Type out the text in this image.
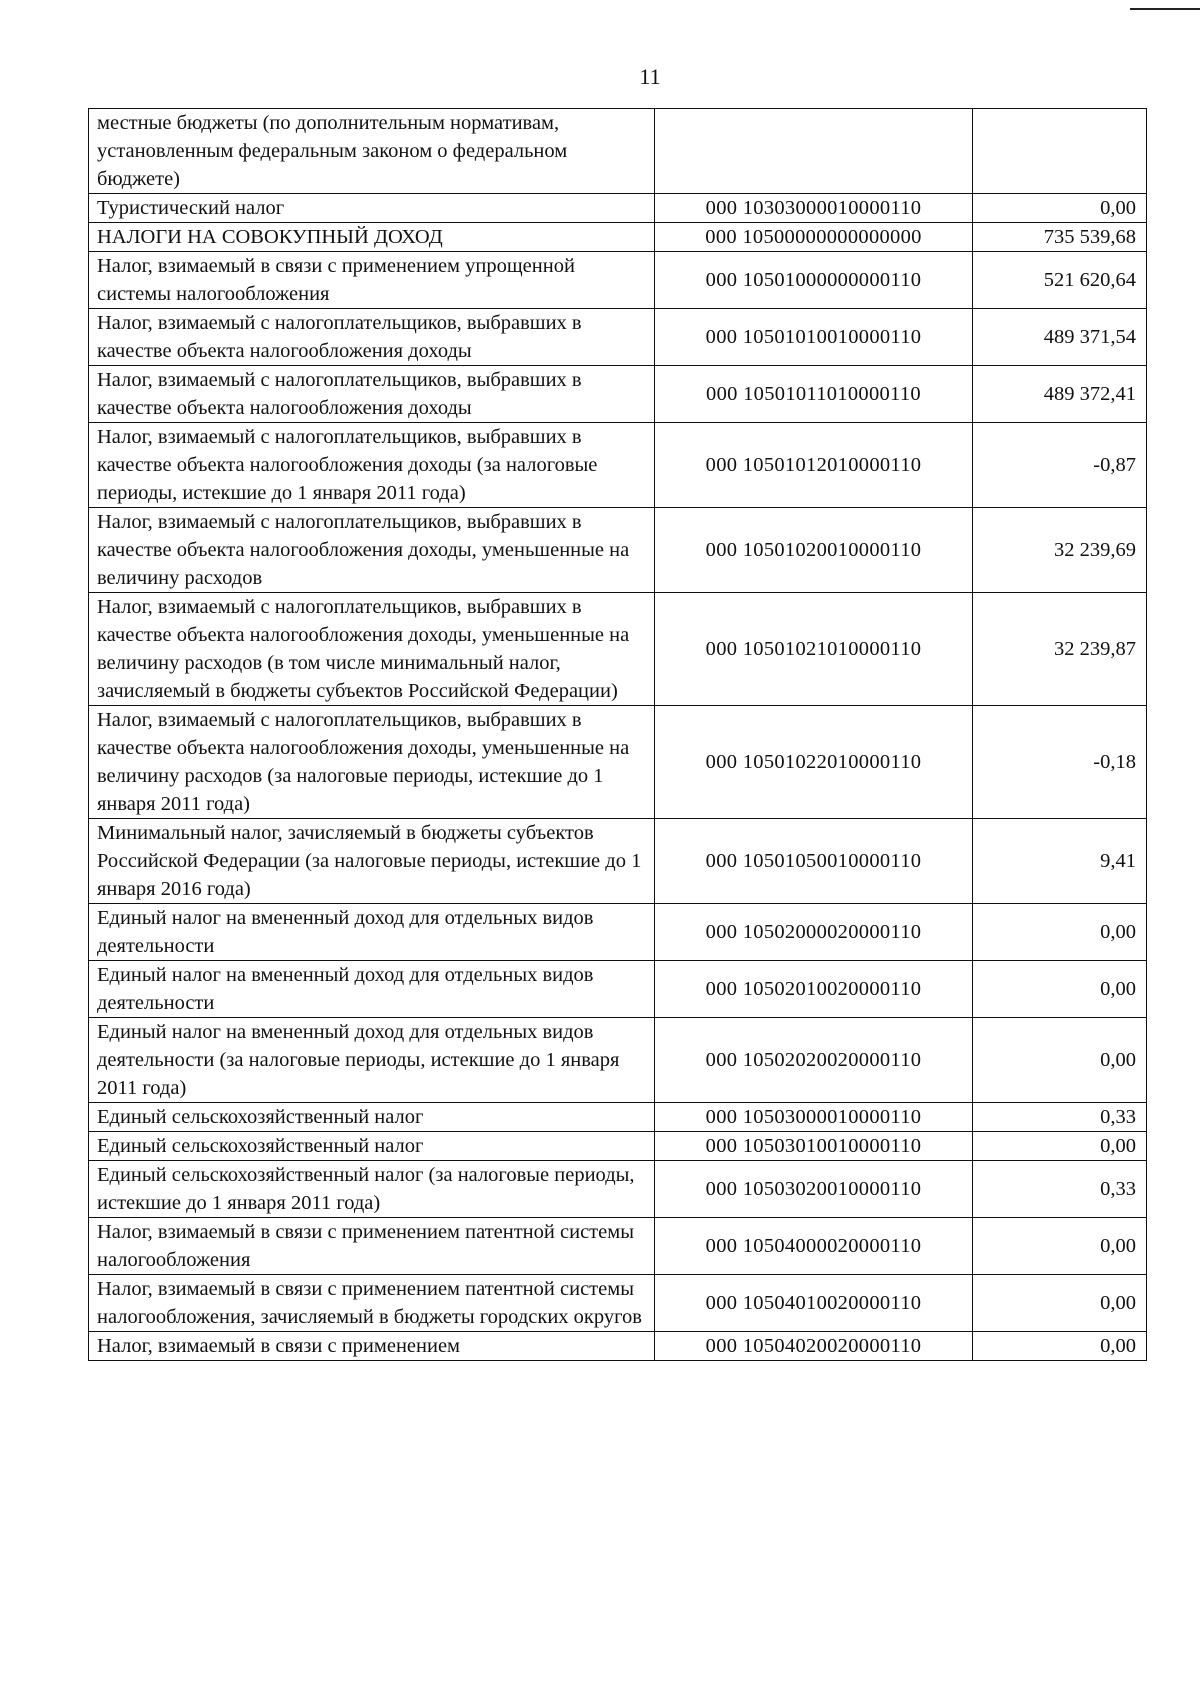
11
местные бюджеты (по дополнительным нормативам, установленным федеральным законом о федеральном бюджете)		
Туристический налог	000 10303000010000110	0,00
НАЛОГИ НА СОВОКУПНЫЙ ДОХОД	000 10500000000000000	735 539,68
Налог, взимаемый в связи с применением упрощенной системы налогообложения	000 10501000000000110	521 620,64
Налог, взимаемый с налогоплательщиков, выбравших в качестве объекта налогообложения доходы	000 10501010010000110	489 371,54
Налог, взимаемый с налогоплательщиков, выбравших в качестве объекта налогообложения доходы	000 10501011010000110	489 372,41
Налог, взимаемый с налогоплательщиков, выбравших в качестве объекта налогообложения доходы (за налоговые периоды, истекшие до 1 января 2011 года)	000 10501012010000110	-0,87
Налог, взимаемый с налогоплательщиков, выбравших в качестве объекта налогообложения доходы, уменьшенные на величину расходов	000 10501020010000110	32 239,69
Налог, взимаемый с налогоплательщиков, выбравших в качестве объекта налогообложения доходы, уменьшенные на величину расходов (в том числе минимальный налог, зачисляемый в бюджеты субъектов Российской Федерации)	000 10501021010000110	32 239,87
Налог, взимаемый с налогоплательщиков, выбравших в качестве объекта налогообложения доходы, уменьшенные на величину расходов (за налоговые периоды, истекшие до 1 января 2011 года)	000 10501022010000110	-0,18
Минимальный налог, зачисляемый в бюджеты субъектов Российской Федерации (за налоговые периоды, истекшие до 1 января 2016 года)	000 10501050010000110	9,41
Единый налог на вмененный доход для отдельных видов деятельности	000 10502000020000110	0,00
Единый налог на вмененный доход для отдельных видов деятельности	000 10502010020000110	0,00
Единый налог на вмененный доход для отдельных видов деятельности (за налоговые периоды, истекшие до 1 января 2011 года)	000 10502020020000110	0,00
Единый сельскохозяйственный налог	000 10503000010000110	0,33
Единый сельскохозяйственный налог	000 10503010010000110	0,00
Единый сельскохозяйственный налог (за налоговые периоды, истекшие до 1 января 2011 года)	000 10503020010000110	0,33
Налог, взимаемый в связи с применением патентной системы налогообложения	000 10504000020000110	0,00
Налог, взимаемый в связи с применением патентной системы налогообложения, зачисляемый в бюджеты городских округов	000 10504010020000110	0,00
Налог, взимаемый в связи с применением	000 10504020020000110	0,00
